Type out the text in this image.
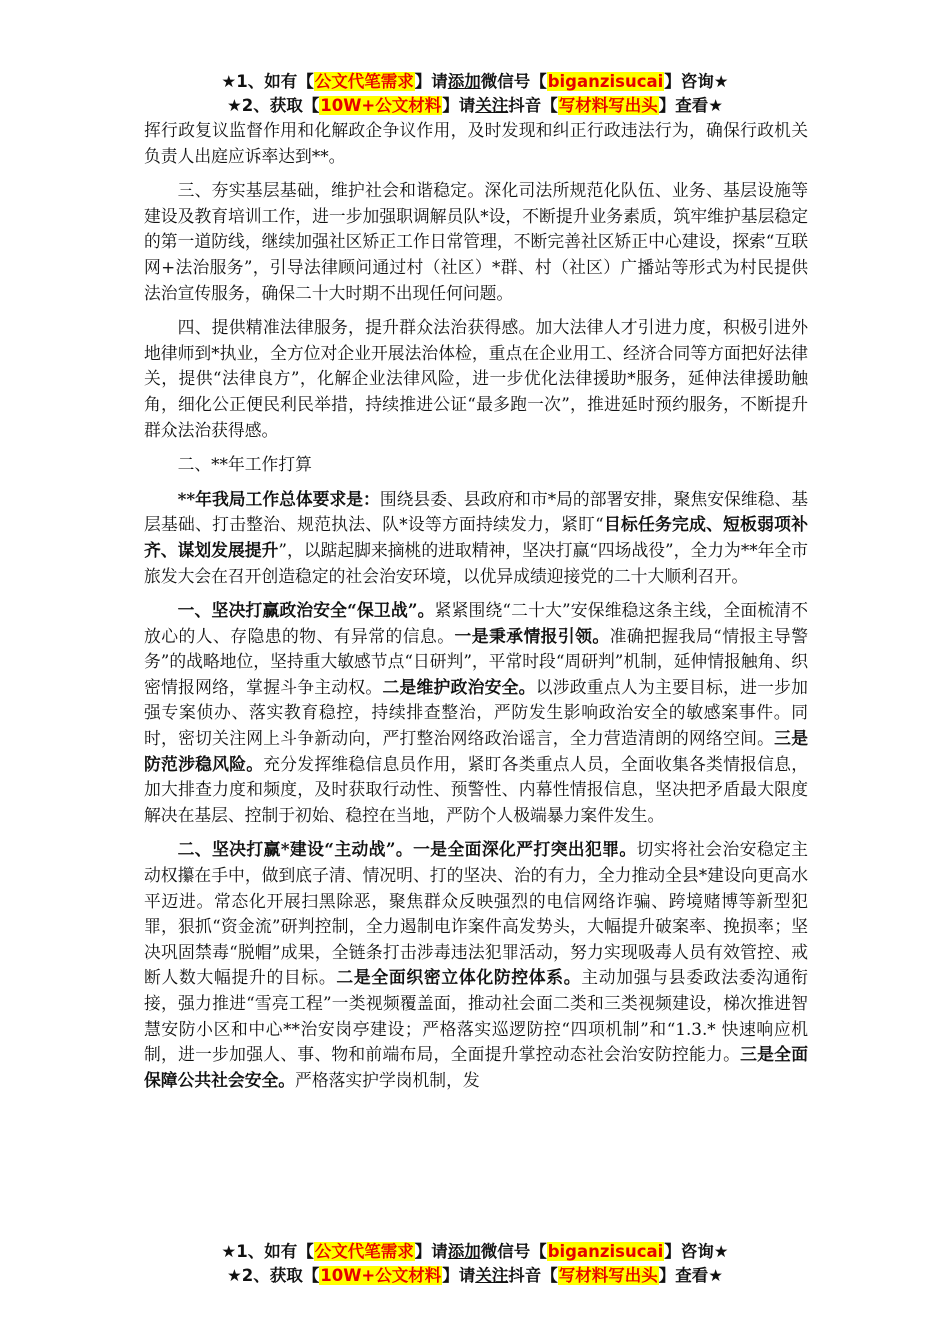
★1、如有【公文代笔需求】请添加微信号【biganzisucai】咨询★
★2、获取【10W+公文材料】请关注抖音【写材料写出头】查看★

挥行政复议监督作用和化解政企争议作用，及时发现和纠正行政违法行为，确保行政机关负责人出庭应诉率达到**。

三、夯实基层基础，维护社会和谐稳定。深化司法所规范化队伍、业务、基层设施等建设及教育培训工作，进一步加强职调解员队*设，不断提升业务素质，筑牢维护基层稳定的第一道防线，继续加强社区矫正工作日常管理，不断完善社区矫正中心建设，探索“互联网+法治服务”，引导法律顾问通过村（社区）*群、村（社区）广播站等形式为村民提供法治宣传服务，确保二十大时期不出现任何问题。

四、提供精准法律服务，提升群众法治获得感。加大法律人才引进力度，积极引进外地律师到*执业，全方位对企业开展法治体检，重点在企业用工、经济合同等方面把好法律关，提供“法律良方”，化解企业法律风险，进一步优化法律援助*服务，延伸法律援助触角，细化公正便民利民举措，持续推进公证“最多跑一次”，推进延时预约服务，不断提升群众法治获得感。

二、**年工作打算

**年我局工作总体要求是：围绕县委、县政府和市*局的部署安排，聚焦安保维稳、基层基础、打击整治、规范执法、队*设等方面持续发力，紧盯“目标任务完成、短板弱项补齐、谋划发展提升”，以踮起脚来摘桃的进取精神，坚决打赢“四场战役”，全力为**年全市旅发大会在召开创造稳定的社会治安环境，以优异成绩迎接党的二十大顺利召开。

一、坚决打赢政治安全“保卫战”。紧紧围绕“二十大”安保维稳这条主线，全面梳清不放心的人、存隐患的物、有异常的信息。一是秉承情报引领。准确把握我局“情报主导警务”的战略地位，坚持重大敏感节点“日研判”，平常时段“周研判”机制，延伸情报触角、织密情报网络，掌握斗争主动权。二是维护政治安全。以涉政重点人为主要目标，进一步加强专案侦办、落实教育稳控，持续排查整治，严防发生影响政治安全的敏感案事件。同时，密切关注网上斗争新动向，严打整治网络政治谣言，全力营造清朗的网络空间。三是防范涉稳风险。充分发挥维稳信息员作用，紧盯各类重点人员，全面收集各类情报信息，加大排查力度和频度，及时获取行动性、预警性、内幕性情报信息，坚决把矛盾最大限度解决在基层、控制于初始、稳控在当地，严防个人极端暴力案件发生。

二、坚决打赢*建设“主动战”。一是全面深化严打突出犯罪。切实将社会治安稳定主动权攥在手中，做到底子清、情况明、打的坚决、治的有力，全力推动全县*建设向更高水平迈进。常态化开展扫黑除恶，聚焦群众反映强烈的电信网络诈骗、跨境赌博等新型犯罪，狠抓“资金流”研判控制，全力遏制电诈案件高发势头，大幅提升破案率、挽损率；坚决巩固禁毒“脱帽”成果，全链条打击涉毒违法犯罪活动，努力实现吸毒人员有效管控、戒断人数大幅提升的目标。二是全面织密立体化防控体系。主动加强与县委政法委沟通衔接，强力推进“雪亮工程”一类视频覆盖面，推动社会面二类和三类视频建设，梯次推进智慧安防小区和中心**治安岗亭建设；严格落实巡逻防控“四项机制”和“1.3.* 快速响应机制，进一步加强人、事、物和前端布局，全面提升掌控动态社会治安防控能力。三是全面保障公共社会安全。严格落实护学岗机制，发

★1、如有【公文代笔需求】请添加微信号【biganzisucai】咨询★
★2、获取【10W+公文材料】请关注抖音【写材料写出头】查看★
